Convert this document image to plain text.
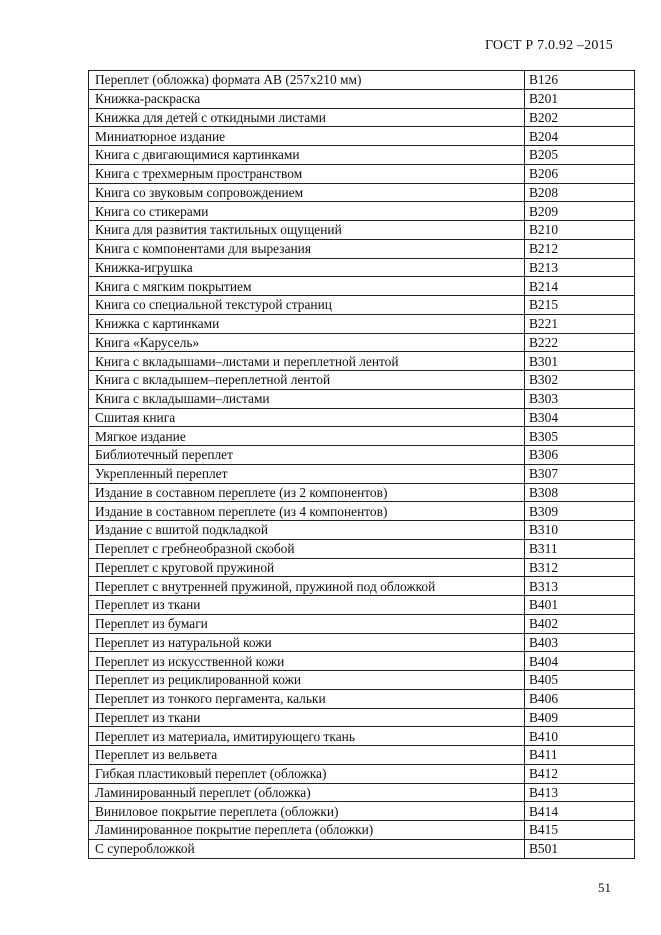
ГОСТ Р 7.0.92 –2015
Переплет (обложка) формата АВ (257x210 мм)	В126
Книжка-раскраска	В201
Книжка для детей с откидными листами	В202
Миниатюрное издание	В204
Книга с двигающимися картинками	В205
Книга с трехмерным пространством	В206
Книга со звуковым сопровождением	В208
Книга со стикерами	В209
Книга для развития тактильных ощущений	В210
Книга с компонентами для вырезания	В212
Книжка-игрушка	В213
Книга с мягким покрытием	В214
Книга со специальной текстурой страниц	В215
Книжка с картинками	В221
Книга «Карусель»	В222
Книга с вкладышами–листами и переплетной лентой	В301
Книга с вкладышем–переплетной лентой	В302
Книга с вкладышами–листами	В303
Сшитая книга	В304
Мягкое издание	В305
Библиотечный переплет	В306
Укрепленный переплет	В307
Издание в составном переплете (из 2 компонентов)	В308
Издание в составном переплете (из 4 компонентов)	В309
Издание с вшитой подкладкой	В310
Переплет с гребнеобразной скобой	В311
Переплет с круговой пружиной	В312
Переплет с внутренней пружиной, пружиной под обложкой	В313
Переплет из ткани	В401
Переплет из бумаги	В402
Переплет из натуральной кожи	В403
Переплет из искусственной кожи	В404
Переплет из рециклированной кожи	В405
Переплет из тонкого пергамента, кальки	В406
Переплет из ткани	В409
Переплет из материала, имитирующего ткань	В410
Переплет из вельвета	В411
Гибкая пластиковый переплет (обложка)	В412
Ламинированный переплет (обложка)	В413
Виниловое покрытие переплета (обложки)	В414
Ламинированное покрытие переплета (обложки)	В415
С суперобложкой	В501
51
